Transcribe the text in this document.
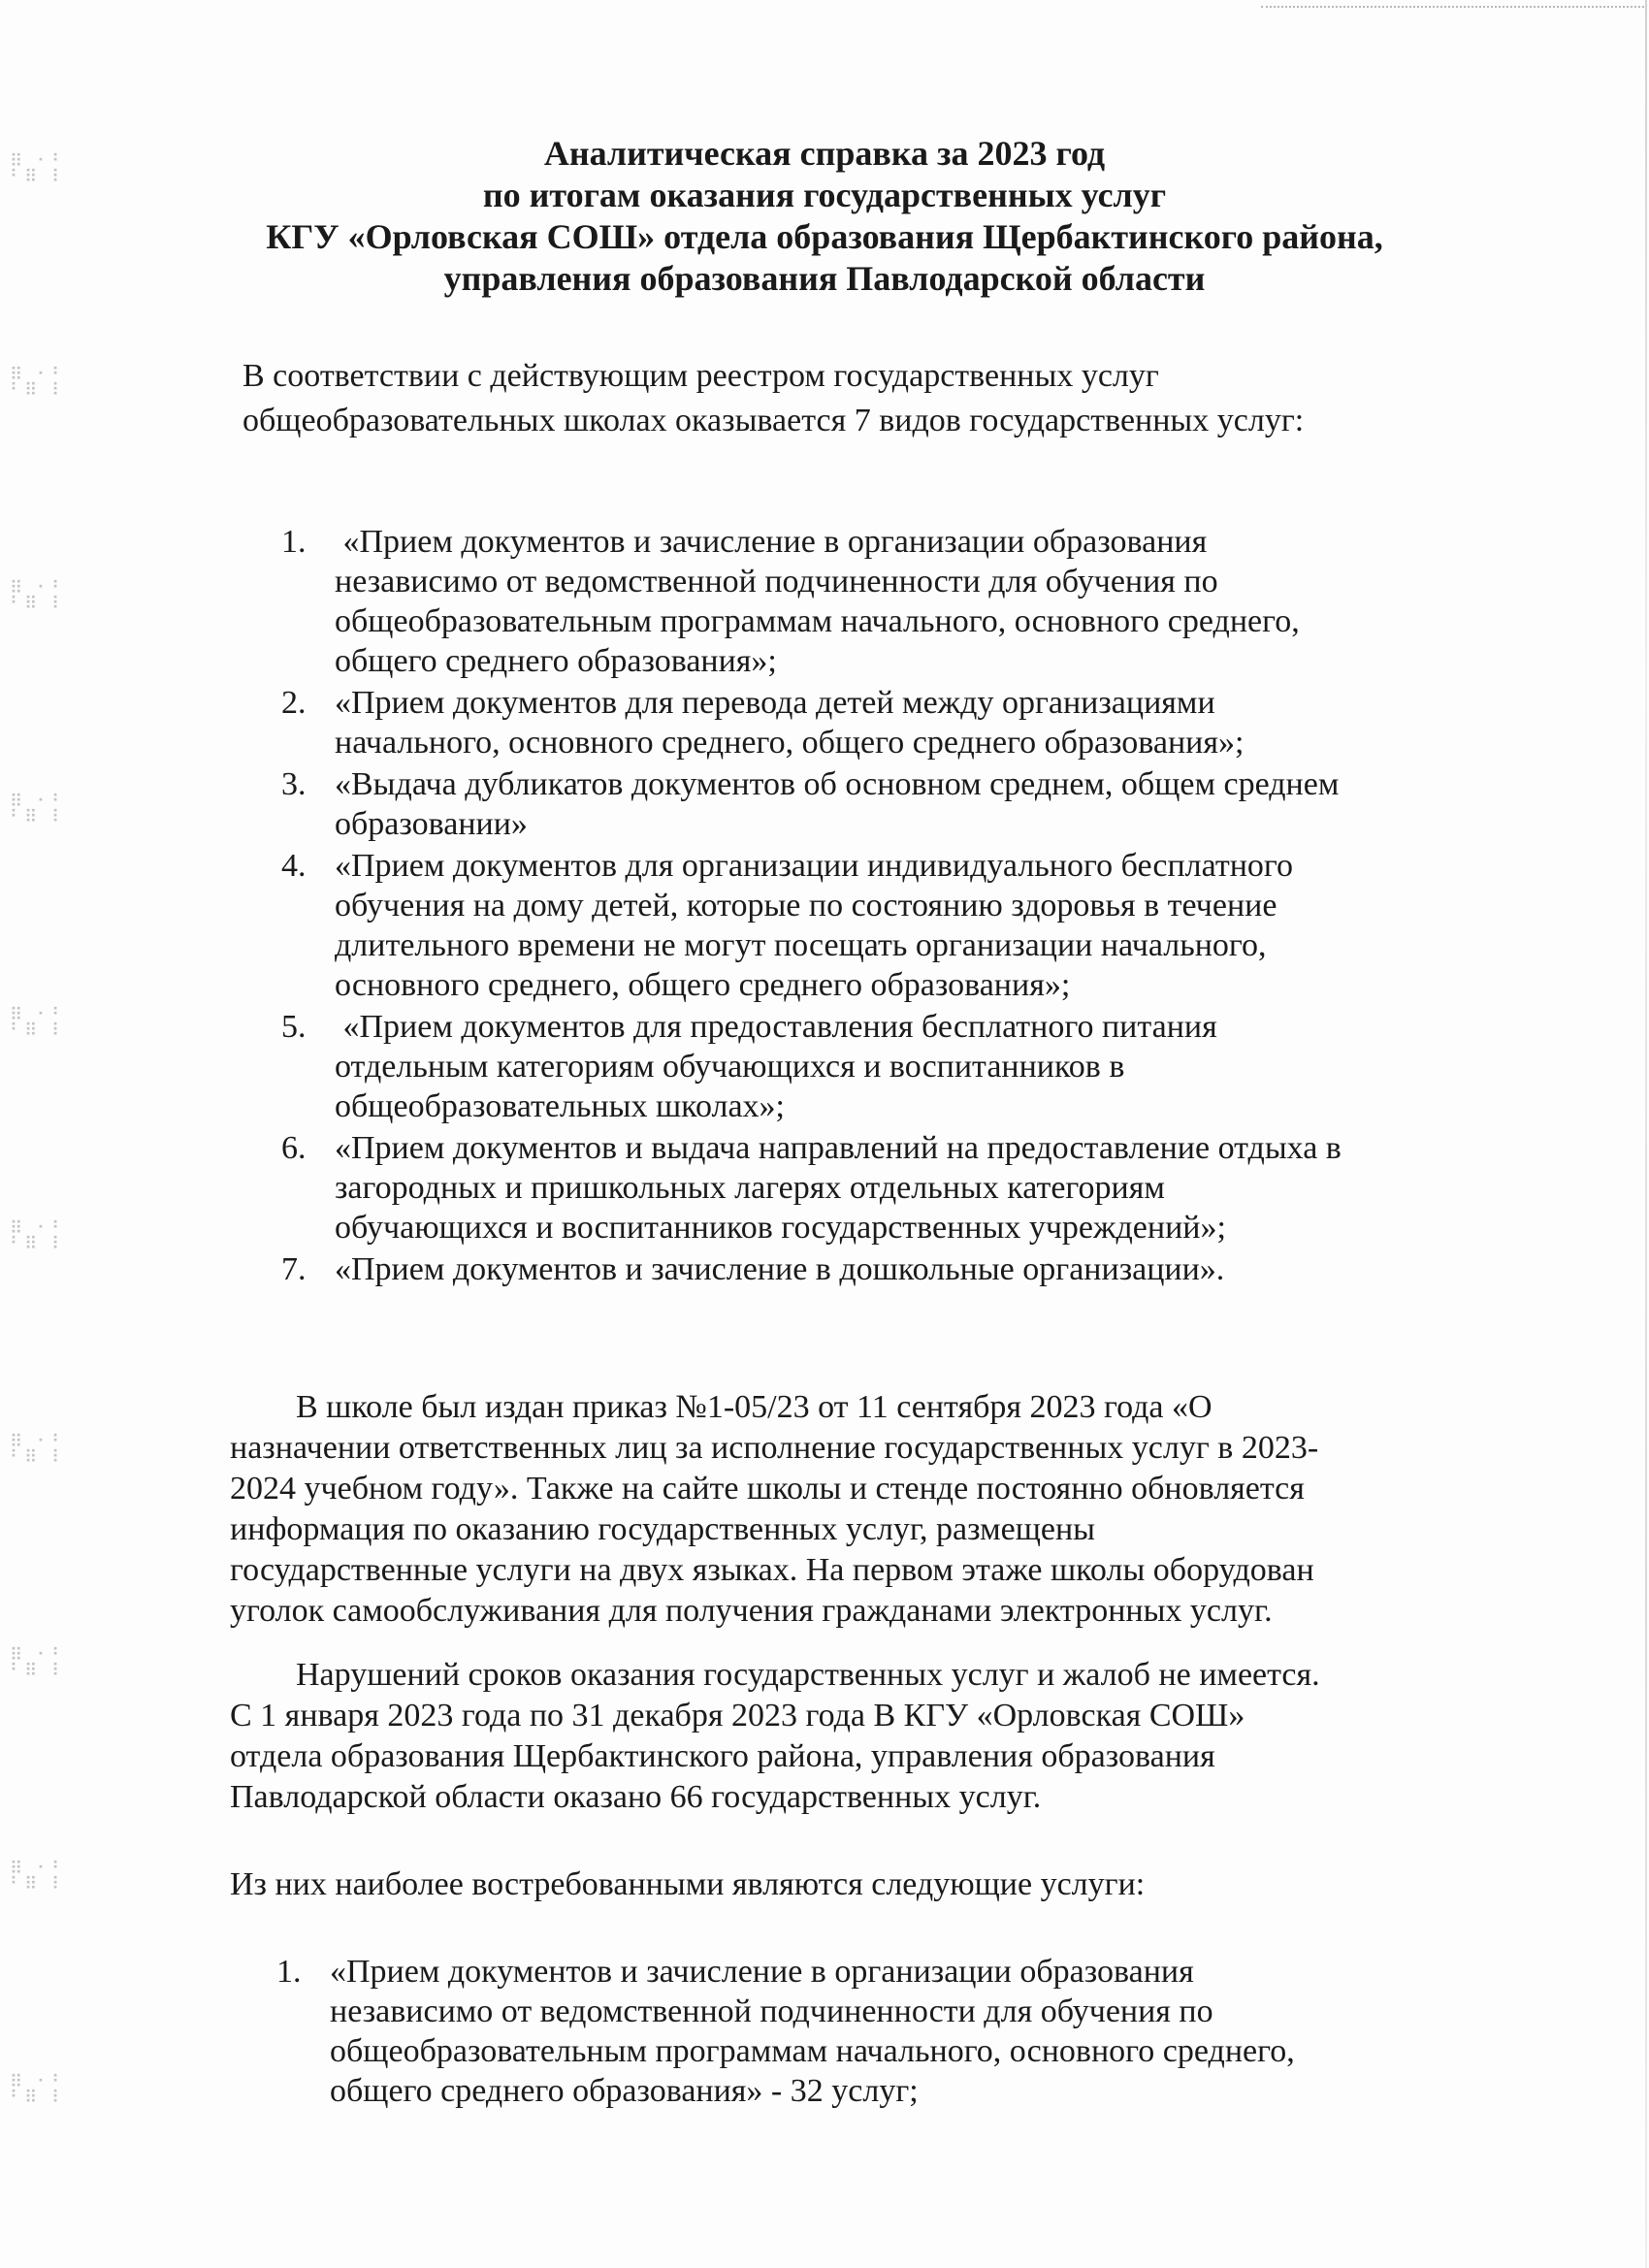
⠿ ⠂⠃
⠃⠿ ⠇
⠿ ⠂⠃
⠃⠿ ⠇
⠿ ⠂⠃
⠃⠿ ⠇
⠿ ⠂⠃
⠃⠿ ⠇
⠿ ⠂⠃
⠃⠿ ⠇
⠿ ⠂⠃
⠃⠿ ⠇
⠿ ⠂⠃
⠃⠿ ⠇
⠿ ⠂⠃
⠃⠿ ⠇
⠿ ⠂⠃
⠃⠿ ⠇
⠿ ⠂⠃
⠃⠿ ⠇
Аналитическая справка за 2023 год
по итогам оказания государственных услуг
КГУ «Орловская СОШ» отдела образования Щербактинского района,
управления образования Павлодарской области
В соответствии с действующим реестром государственных услуг
общеобразовательных школах оказывается 7 видов государственных услуг:
1. «Прием документов и зачисление в организации образования
независимо от ведомственной подчиненности для обучения по
общеобразовательным программам начального, основного среднего,
общего среднего образования»;
2. «Прием документов для перевода детей между организациями
начального, основного среднего, общего среднего образования»;
3. «Выдача дубликатов документов об основном среднем, общем среднем
образовании»
4. «Прием документов для организации индивидуального бесплатного
обучения на дому детей, которые по состоянию здоровья в течение
длительного времени не могут посещать организации начального,
основного среднего, общего среднего образования»;
5. «Прием документов для предоставления бесплатного питания
отдельным категориям обучающихся и воспитанников в
общеобразовательных школах»;
6. «Прием документов и выдача направлений на предоставление отдыха в
загородных и пришкольных лагерях отдельных категориям
обучающихся и воспитанников государственных учреждений»;
7. «Прием документов и зачисление в дошкольные организации».
В школе был издан приказ №1-05/23 от 11 сентября 2023 года «О
назначении ответственных лиц за исполнение государственных услуг в 2023-
2024 учебном году». Также на сайте школы и стенде постоянно обновляется
информация по оказанию государственных услуг, размещены
государственные услуги на двух языках. На первом этаже школы оборудован
уголок самообслуживания для получения гражданами электронных услуг.
Нарушений сроков оказания государственных услуг и жалоб не имеется.
С 1 января 2023 года по 31 декабря 2023 года В КГУ «Орловская СОШ»
отдела образования Щербактинского района, управления образования
Павлодарской области оказано 66 государственных услуг.
Из них наиболее востребованными являются следующие услуги:
1. «Прием документов и зачисление в организации образования
независимо от ведомственной подчиненности для обучения по
общеобразовательным программам начального, основного среднего,
общего среднего образования» - 32 услуг;
